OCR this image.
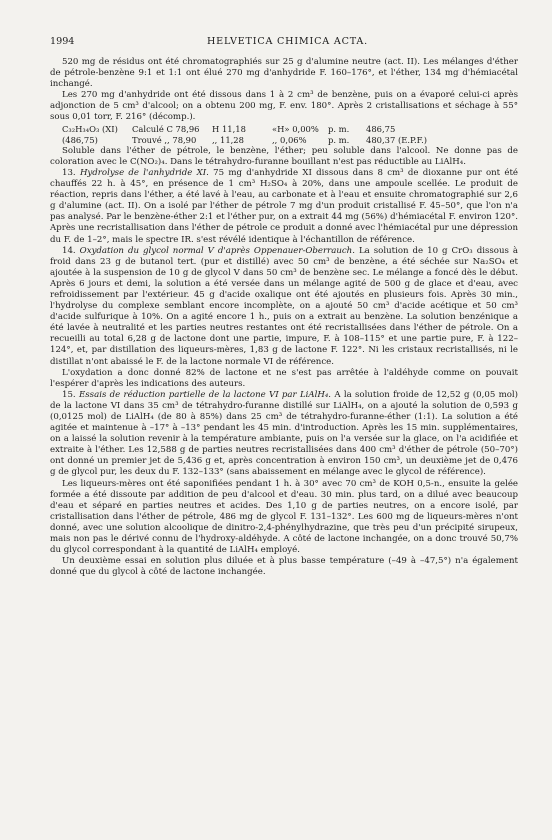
1994	HELVETICA CHIMICA ACTA.

520 mg de résidus ont été chromatographiés sur 25 g d'alumine neutre (act. II). Les mélanges d'éther de pétrole-benzène 9:1 et 1:1 ont élué 270 mg d'anhydride F. 160–176°, et l'éther, 134 mg d'hémiacétal inchangé.

Les 270 mg d'anhydride ont été dissous dans 1 à 2 cm³ de benzène, puis on a évaporé celui-ci après adjonction de 5 cm³ d'alcool; on a obtenu 200 mg, F. env. 180°. Après 2 cristallisations et séchage à 55° sous 0,01 torr, F. 216° (décomp.).

C₃₂H₃₄O₃ (XI)	Calculé C 78,96	H 11,18	«H» 0,00%	p. m.	486,75
(486,75)	Trouvé ,, 78,90	,, 11,28	,, 0,06%	p. m.	480,37 (E.P.F.)

Soluble dans l'éther de pétrole, le benzène, l'éther; peu soluble dans l'alcool. Ne donne pas de coloration avec le C(NO₂)₄. Dans le tétrahydro-furanne bouillant n'est pas réductible au LiAlH₄.

13. Hydrolyse de l'anhydride XI. 75 mg d'anhydride XI dissous dans 8 cm³ de dioxanne pur ont été chauffés 22 h. à 45°, en présence de 1 cm³ H₂SO₄ à 20%, dans une ampoule scellée. Le produit de réaction, repris dans l'éther, a été lavé à l'eau, au carbonate et à l'eau et ensuite chromatographié sur 2,6 g d'alumine (act. II). On a isolé par l'éther de pétrole 7 mg d'un produit cristallisé F. 45–50°, que l'on n'a pas analysé. Par le benzène-éther 2:1 et l'éther pur, on a extrait 44 mg (56%) d'hémiacétal F. environ 120°. Après une recristallisation dans l'éther de pétrole ce produit a donné avec l'hémiacétal pur une dépression du F. de 1–2°, mais le spectre IR. s'est révélé identique à l'échantillon de référence.

14. Oxydation du glycol normal V d'après Oppenauer-Oberrauch. La solution de 10 g CrO₃ dissous à froid dans 23 g de butanol tert. (pur et distillé) avec 50 cm³ de benzène, a été séchée sur Na₂SO₄ et ajoutée à la suspension de 10 g de glycol V dans 50 cm³ de benzène sec. Le mélange a foncé dès le début. Après 6 jours et demi, la solution a été versée dans un mélange agité de 500 g de glace et d'eau, avec refroidissement par l'extérieur. 45 g d'acide oxalique ont été ajoutés en plusieurs fois. Après 30 min., l'hydrolyse du complexe semblant encore incomplète, on a ajouté 50 cm³ d'acide acétique et 50 cm³ d'acide sulfurique à 10%. On a agité encore 1 h., puis on a extrait au benzène. La solution benzénique a été lavée à neutralité et les parties neutres restantes ont été recristallisées dans l'éther de pétrole. On a recueilli au total 6,28 g de lactone dont une partie, impure, F. à 108–115° et une partie pure, F. à 122–124°, et, par distillation des liqueurs-mères, 1,83 g de lactone F. 122°. Ni les cristaux recristallisés, ni le distillat n'ont abaissé le F. de la lactone normale VI de référence.

L'oxydation a donc donné 82% de lactone et ne s'est pas arrêtée à l'aldéhyde comme on pouvait l'espérer d'après les indications des auteurs.

15. Essais de réduction partielle de la lactone VI par LiAlH₄. A la solution froide de 12,52 g (0,05 mol) de la lactone VI dans 35 cm³ de tétrahydro-furanne distillé sur LiAlH₄, on a ajouté la solution de 0,593 g (0,0125 mol) de LiAlH₄ (de 80 à 85%) dans 25 cm³ de tétrahydro-furanne-éther (1:1). La solution a été agitée et maintenue à –17° à –13° pendant les 45 min. d'introduction. Après les 15 min. supplémentaires, on a laissé la solution revenir à la température ambiante, puis on l'a versée sur la glace, on l'a acidifiée et extraite à l'éther. Les 12,588 g de parties neutres recristallisées dans 400 cm³ d'éther de pétrole (50–70°) ont donné un premier jet de 5,436 g et, après concentration à environ 150 cm³, un deuxième jet de 0,476 g de glycol pur, les deux du F. 132–133° (sans abaissement en mélange avec le glycol de référence).

Les liqueurs-mères ont été saponifiées pendant 1 h. à 30° avec 70 cm³ de KOH 0,5-n., ensuite la gelée formée a été dissoute par addition de peu d'alcool et d'eau. 30 min. plus tard, on a dilué avec beaucoup d'eau et séparé en parties neutres et acides. Des 1,10 g de parties neutres, on a encore isolé, par cristallisation dans l'éther de pétrole, 486 mg de glycol F. 131–132°. Les 600 mg de liqueurs-mères n'ont donné, avec une solution alcoolique de dinitro-2,4-phénylhydrazine, que très peu d'un précipité sirupeux, mais non pas le dérivé connu de l'hydroxy-aldéhyde. A côté de lactone inchangée, on a donc trouvé 50,7% du glycol correspondant à la quantité de LiAlH₄ employé.

Un deuxième essai en solution plus diluée et à plus basse température (–49 à –47,5°) n'a également donné que du glycol à côté de lactone inchangée.
